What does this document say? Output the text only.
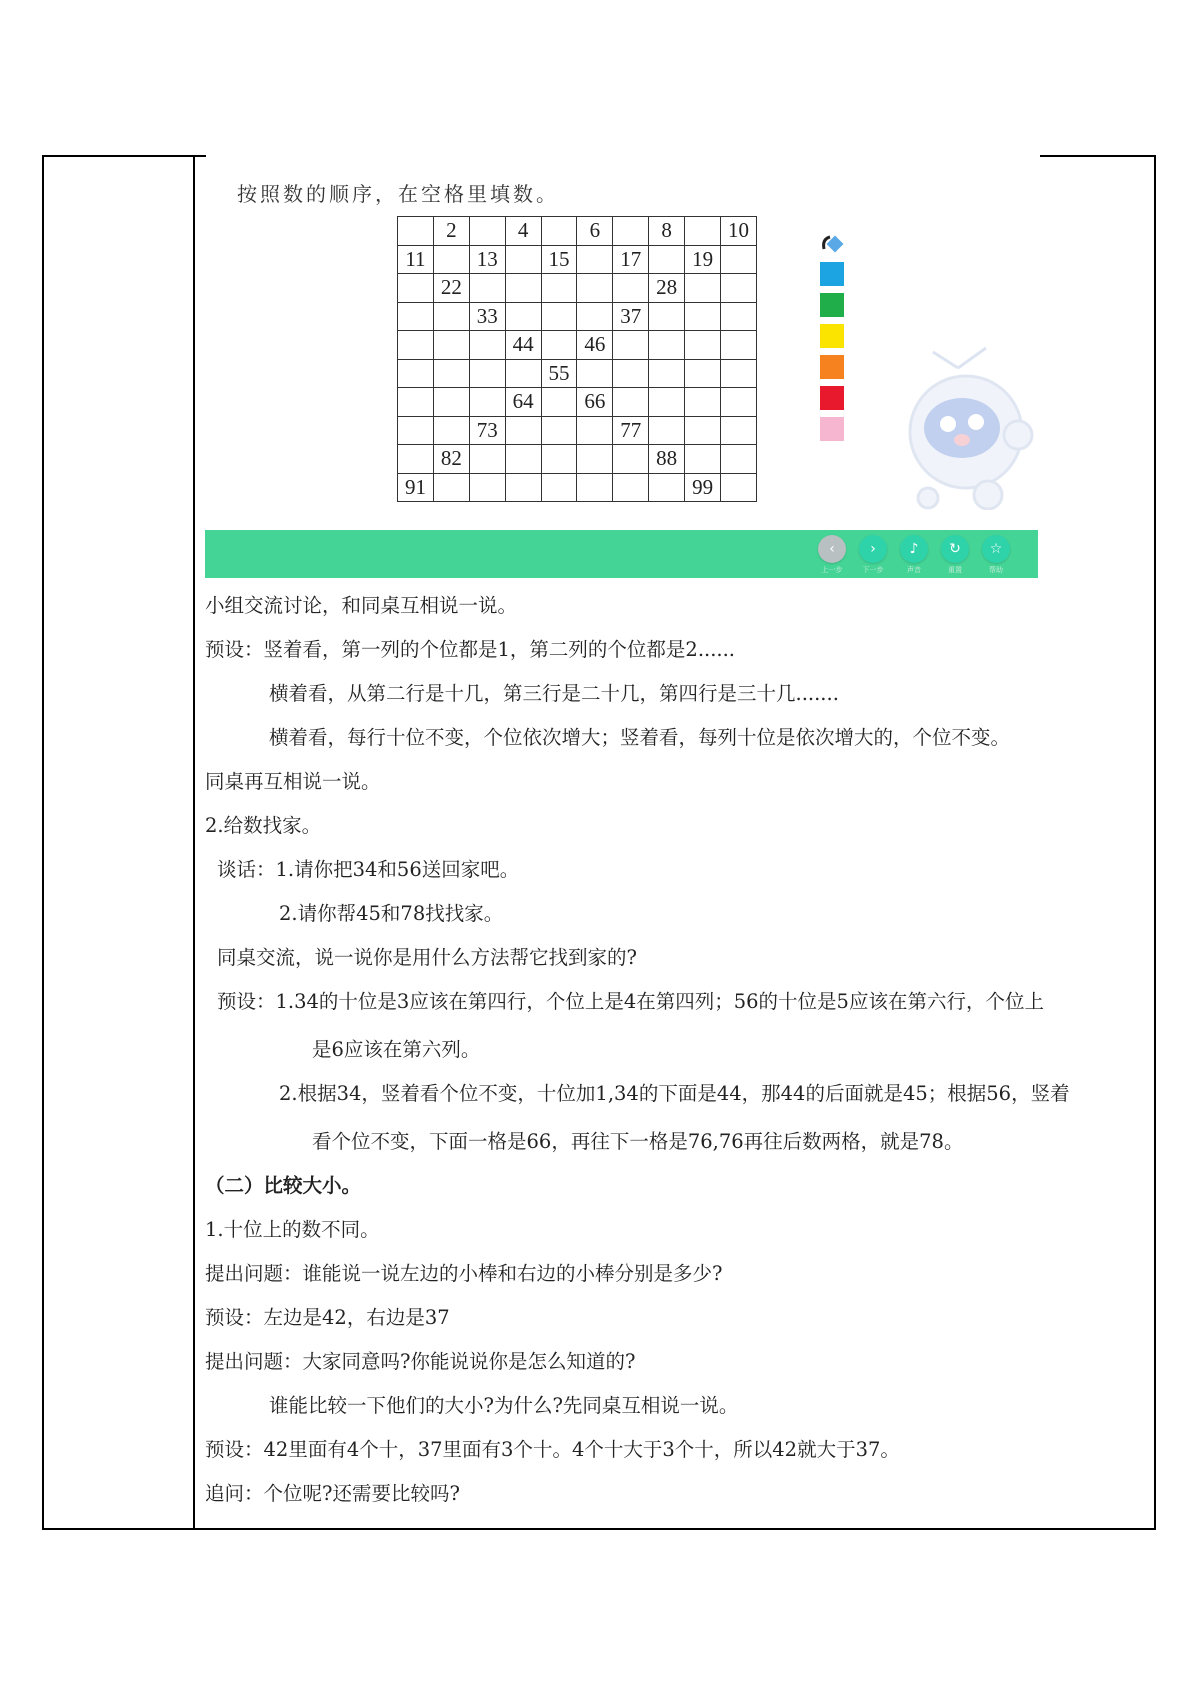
按照数的顺序，在空格里填数。
	2		4		6		8		10
11		13		15		17		19	
	22						28		
		33				37			
			44		46				
				55					
			64		66				
		73				77			
	82						88		
91								99	
‹
上一步
›
下一步
♪
声音
↻
重置
☆
帮助
小组交流讨论，和同桌互相说一说。
预设：竖着看，第一列的个位都是1，第二列的个位都是2......
横着看，从第二行是十几，第三行是二十几，第四行是三十几.......
横着看，每行十位不变，个位依次增大；竖着看，每列十位是依次增大的，个位不变。
同桌再互相说一说。
2.给数找家。
谈话：1.请你把34和56送回家吧。
2.请你帮45和78找找家。
同桌交流，说一说你是用什么方法帮它找到家的?
预设：1.34的十位是3应该在第四行，个位上是4在第四列；56的十位是5应该在第六行，个位上
是6应该在第六列。
2.根据34，竖着看个位不变，十位加1,34的下面是44，那44的后面就是45；根据56，竖着
看个位不变，下面一格是66，再往下一格是76,76再往后数两格，就是78。
（二）比较大小。
1.十位上的数不同。
提出问题：谁能说一说左边的小棒和右边的小棒分别是多少?
预设：左边是42，右边是37
提出问题：大家同意吗?你能说说你是怎么知道的?
谁能比较一下他们的大小?为什么?先同桌互相说一说。
预设：42里面有4个十，37里面有3个十。4个十大于3个十，所以42就大于37。
追问：个位呢?还需要比较吗?
